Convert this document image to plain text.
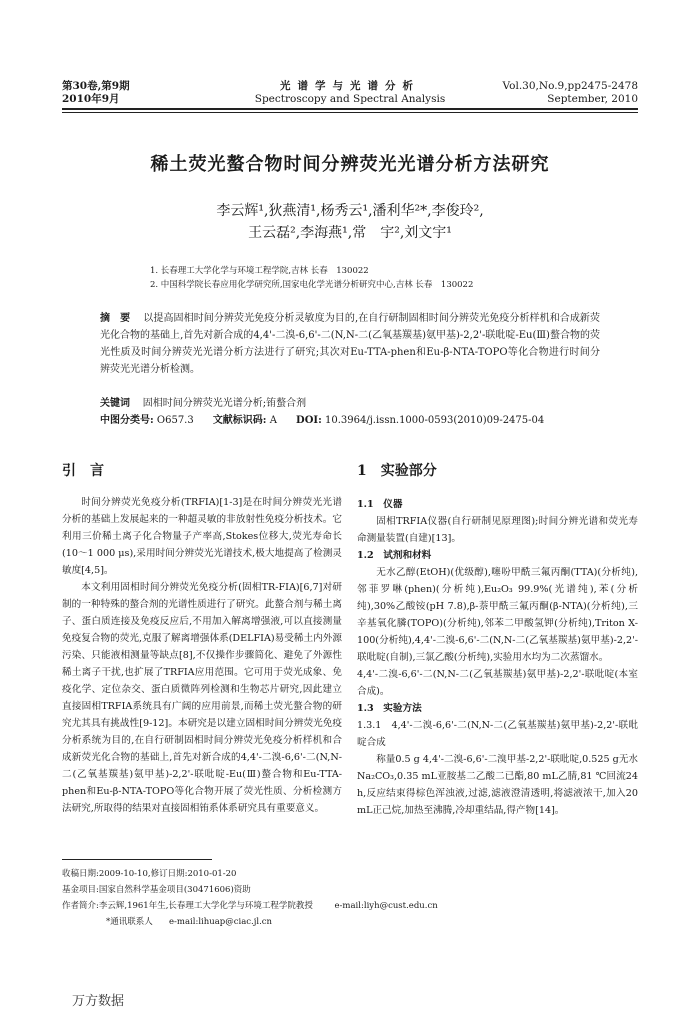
第30卷,第9期
2010年9月
光谱学与光谱分析
Spectroscopy and Spectral Analysis
Vol.30,No.9,pp2475-2478
September, 2010
稀土荧光螯合物时间分辨荧光光谱分析方法研究
李云辉¹,狄燕清¹,杨秀云¹,潘利华²*,李俊玲²,
王云磊²,李海燕¹,常　宇²,刘文宇¹
1. 长春理工大学化学与环境工程学院,吉林 长春　130022
2. 中国科学院长春应用化学研究所,国家电化学光谱分析研究中心,吉林 长春　130022
摘　要 以提高固相时间分辨荧光免疫分析灵敏度为目的,在自行研制固相时间分辨荧光免疫分析样机和合成新荧光化合物的基础上,首先对新合成的4,4'-二溴-6,6'-二(N,N-二(乙氧基羰基)氨甲基)-2,2'-联吡啶-Eu(Ⅲ)螯合物的荧光性质及时间分辨荧光光谱分析方法进行了研究;其次对Eu-TTA-phen和Eu-β-NTA-TOPO等化合物进行时间分辨荧光光谱分析检测。
关键词 固相时间分辨荧光光谱分析;铕螯合剂
中图分类号: O657.3 文献标识码: A DOI: 10.3964/j.issn.1000-0593(2010)09-2475-04
引　言	1　实验部分

时间分辨荧光免疫分析(TRFIA)[1-3]是在时间分辨荧光光谱分析的基础上发展起来的一种超灵敏的非放射性免疫分析技术。它利用三价稀土离子化合物量子产率高,Stokes位移大,荧光寿命长(10～1 000 μs),采用时间分辨荧光光谱技术,极大地提高了检测灵敏度[4,5]。

本文利用固相时间分辨荧光免疫分析(固相TR-FIA)[6,7]对研制的一种特殊的螯合剂的光谱性质进行了研究。此螯合剂与稀土离子、蛋白质连接及免疫反应后,不用加入解离增强液,可以直接测量免疫复合物的荧光,克服了解离增强体系(DELFIA)易受稀土内外源污染、只能液相测量等缺点[8],不仅操作步骤简化、避免了外源性稀土离子干扰,也扩展了TRFIA应用范围。它可用于荧光成象、免疫化学、定位杂交、蛋白质微阵列检测和生物芯片研究,因此建立直接固相TRFIA系统具有广阔的应用前景,而稀土荧光螯合物的研究尤其具有挑战性[9-12]。本研究是以建立固相时间分辨荧光免疫分析系统为目的,在自行研制固相时间分辨荧光免疫分析样机和合成新荧光化合物的基础上,首先对新合成的4,4'-二溴-6,6'-二(N,N-二(乙氧基羰基)氨甲基)-2,2'-联吡啶-Eu(Ⅲ)螯合物和Eu-TTA-phen和Eu-β-NTA-TOPO等化合物开展了荧光性质、分析检测方法研究,所取得的结果对直接固相铕系体系研究具有重要意义。

1.1　仪器

固相TRFIA仪器(自行研制见原理图);时间分辨光谱和荧光寿命测量装置(自建)[13]。

1.2　试剂和材料

无水乙醇(EtOH)(优级醇),噻吩甲酰三氟丙酮(TTA)(分析纯),邻菲罗啉(phen)(分析纯),Eu₂O₃ 99.9%(光谱纯),苯(分析纯),30%乙酸铵(pH 7.8),β-萘甲酰三氟丙酮(β-NTA)(分析纯),三辛基氧化膦(TOPO)(分析纯),邻苯二甲酸氢钾(分析纯),Triton X-100(分析纯),4,4'-二溴-6,6'-二(N,N-二(乙氧基羰基)氨甲基)-2,2'-联吡啶(自制),三氯乙酸(分析纯),实验用水均为二次蒸馏水。

4,4'-二溴-6,6'-二(N,N-二(乙氧基羰基)氨甲基)-2,2'-联吡啶(本室合成)。

1.3　实验方法

1.3.1　4,4'-二溴-6,6'-二(N,N-二(乙氧基羰基)氨甲基)-2,2'-联吡啶合成

称量0.5 g 4,4'-二溴-6,6'-二溴甲基-2,2'-联吡啶,0.525 g无水Na₂CO₃,0.35 mL亚胺基二乙酸二已酯,80 mL乙腈,81 ℃回流24 h,反应结束得棕色浑浊液,过滤,滤液澄清透明,将滤液浓干,加入20 mL正己烷,加热至沸腾,冷却重结晶,得产物[14]。

收稿日期:2009-10-10,修订日期:2010-01-20
基金项目:国家自然科学基金项目(30471606)资助
作者简介:李云辉,1961年生,长春理工大学化学与环境工程学院教授	e-mail:liyh@cust.edu.cn
*通讯联系人 e-mail:lihuap@ciac.jl.cn
万方数据
